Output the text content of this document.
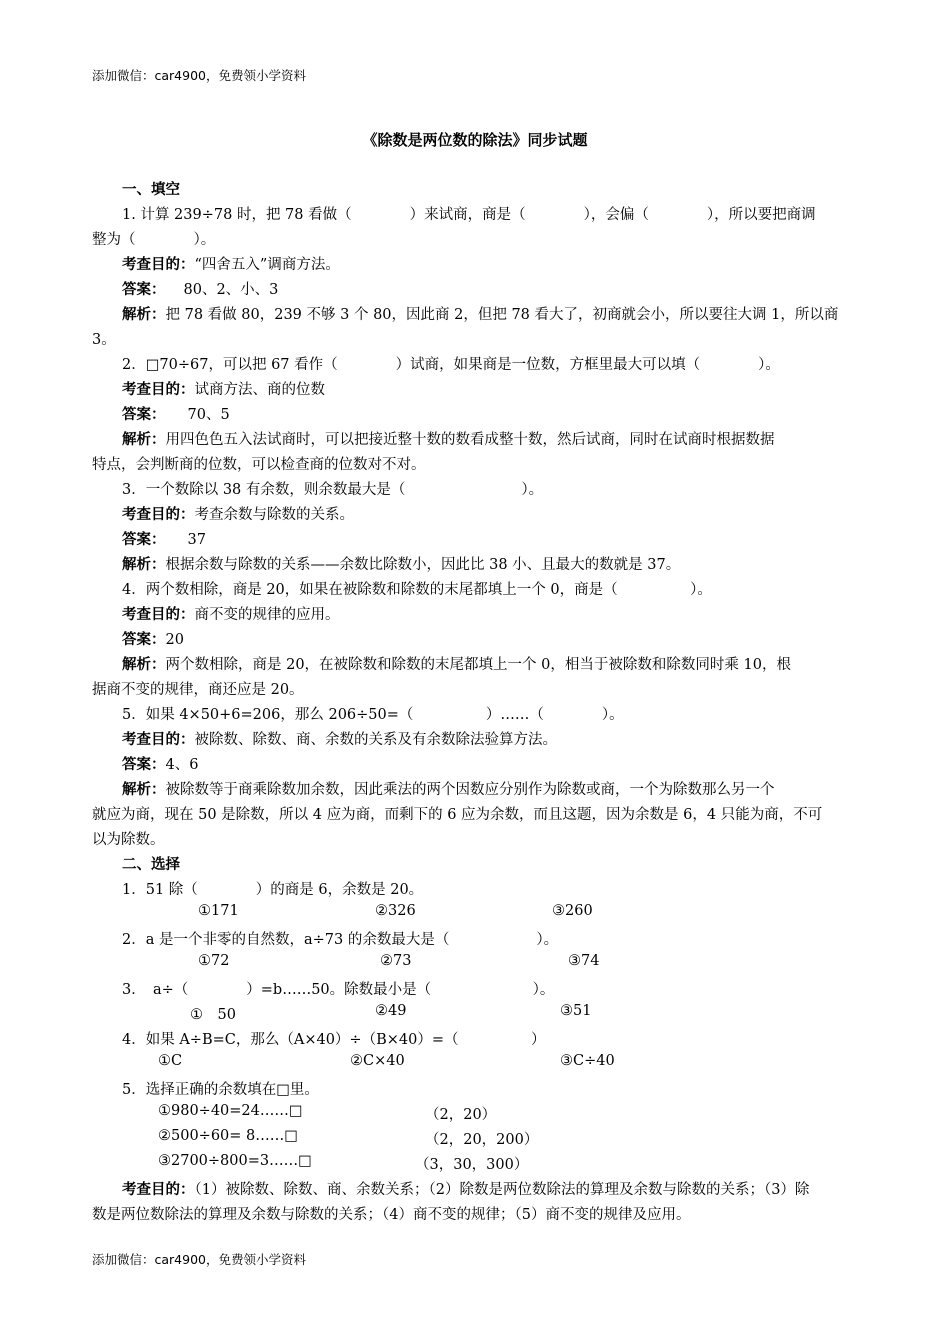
添加微信：car4900，免费领小学资料
《除数是两位数的除法》同步试题
一、填空
1. 计算 239÷78 时，把 78 看做（　　　　）来试商，商是（　　　　），会偏（　　　　），所以要把商调
整为（　　　　）。
考查目的：“四舍五入”调商方法。
答案： 80、2、小、3
解析：把 78 看做 80，239 不够 3 个 80，因此商 2，但把 78 看大了，初商就会小，所以要往大调 1，所以商
3。
2．□70÷67，可以把 67 看作（　　　　）试商，如果商是一位数，方框里最大可以填（　　　　）。
考查目的：试商方法、商的位数
答案： 70、5
解析：用四色色五入法试商时，可以把接近整十数的数看成整十数，然后试商，同时在试商时根据数据
特点，会判断商的位数，可以检查商的位数对不对。
3．一个数除以 38 有余数，则余数最大是（　　　　　　　　）。
考查目的：考查余数与除数的关系。
答案： 37
解析：根据余数与除数的关系——余数比除数小，因此比 38 小、且最大的数就是 37。
4．两个数相除，商是 20，如果在被除数和除数的末尾都填上一个 0，商是（　　　　　）。
考查目的：商不变的规律的应用。
答案：20
解析：两个数相除，商是 20，在被除数和除数的末尾都填上一个 0，相当于被除数和除数同时乘 10，根
据商不变的规律，商还应是 20。
5．如果 4×50+6=206，那么 206÷50=（　　　　　）……（　　　　）。
考查目的：被除数、除数、商、余数的关系及有余数除法验算方法。
答案：4、6
解析：被除数等于商乘除数加余数，因此乘法的两个因数应分别作为除数或商，一个为除数那么另一个
就应为商，现在 50 是除数，所以 4 应为商，而剩下的 6 应为余数，而且这题，因为余数是 6，4 只能为商，不可
以为除数。
二、选择
1．51 除（　　　　）的商是 6，余数是 20。
①171	②326	③260
2．a 是一个非零的自然数，a÷73 的余数最大是（　　　　　　）。
①72	②73	③74
3．　a÷（　　　　）=b……50。除数最小是（　　　　　　　）。
①　50	②49	③51
4．如果 A÷B=C，那么（A×40）÷（B×40）=（　　　　　）
①C	②C×40	③C÷40
5．选择正确的余数填在□里。
①980÷40=24……□	（2，20）
②500÷60= 8……□	（2，20，200）
③2700÷800=3……□	（3，30，300）
考查目的：（1）被除数、除数、商、余数关系；（2）除数是两位数除法的算理及余数与除数的关系；（3）除
数是两位数除法的算理及余数与除数的关系；（4）商不变的规律；（5）商不变的规律及应用。
添加微信：car4900，免费领小学资料
